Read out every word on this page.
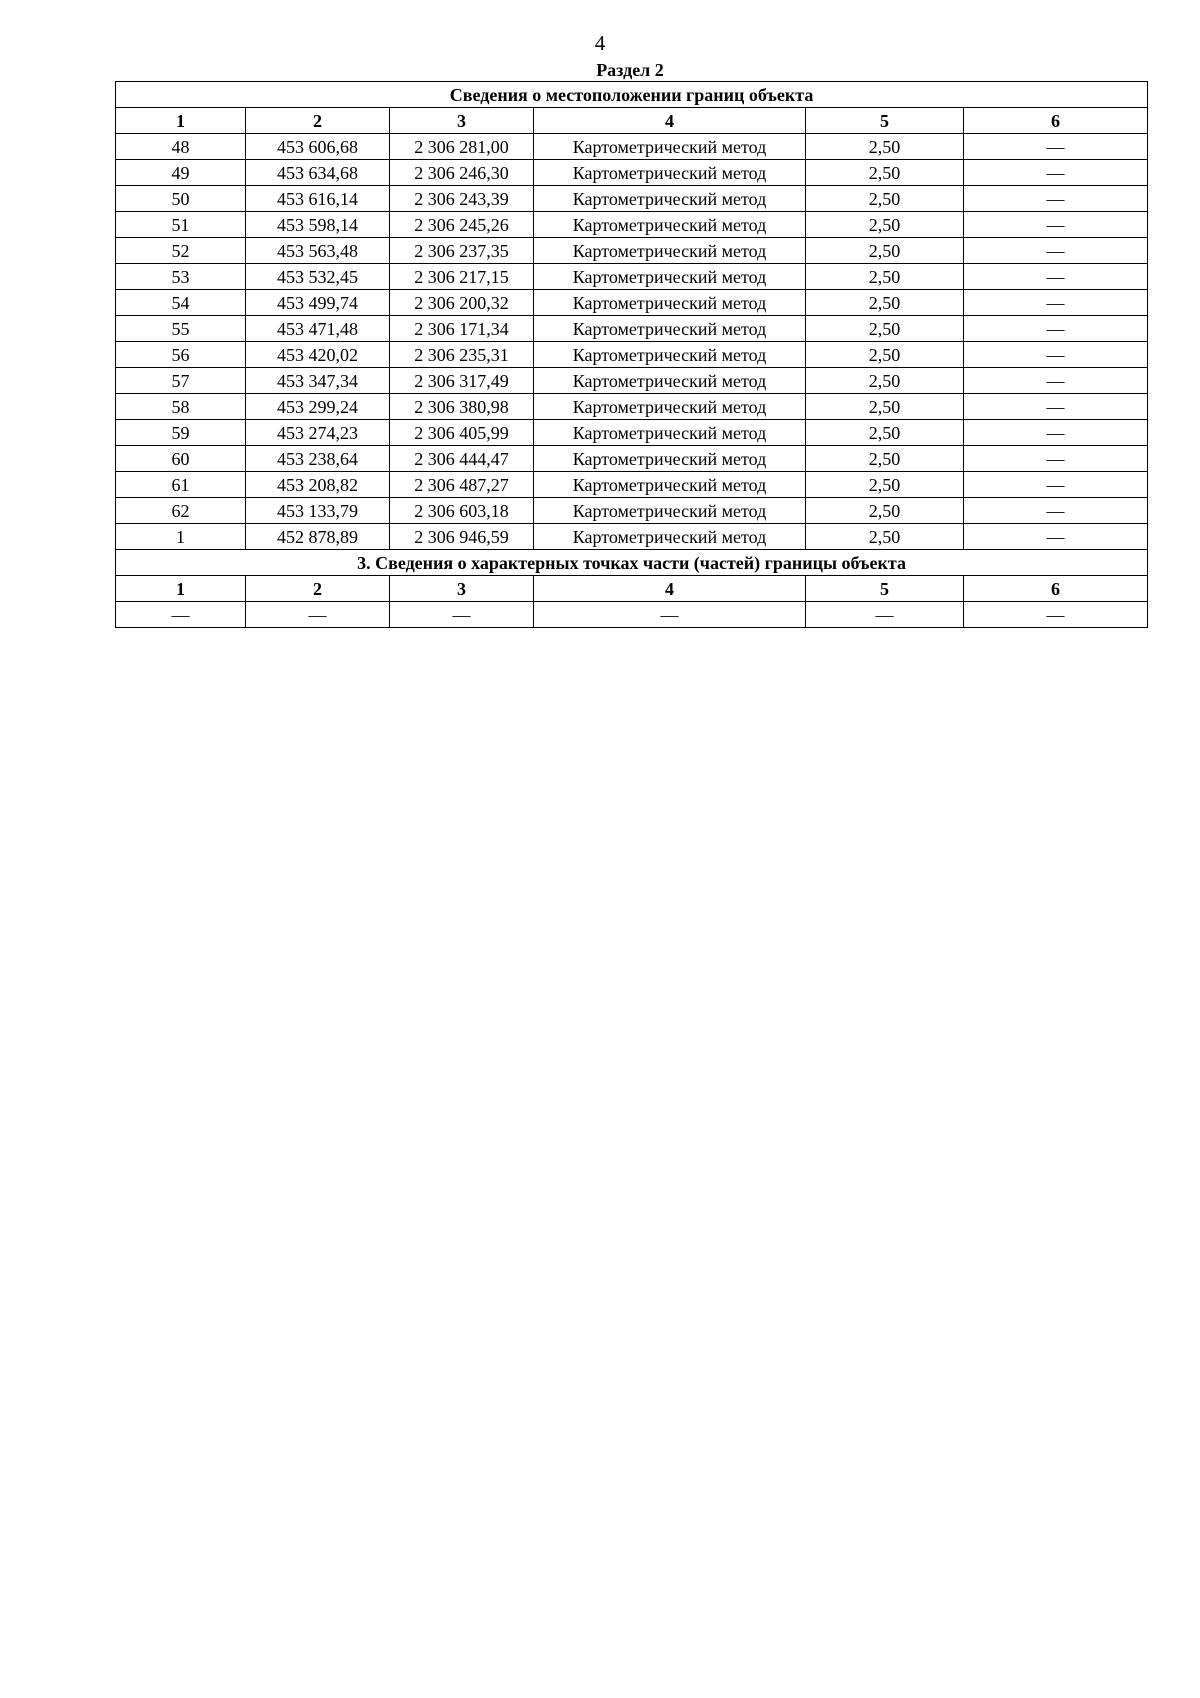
4
Раздел 2
Сведения о местоположении границ объекта					
1	2	3	4	5	6
48	453 606,68	2 306 281,00	Картометрический метод	2,50	—
49	453 634,68	2 306 246,30	Картометрический метод	2,50	—
50	453 616,14	2 306 243,39	Картометрический метод	2,50	—
51	453 598,14	2 306 245,26	Картометрический метод	2,50	—
52	453 563,48	2 306 237,35	Картометрический метод	2,50	—
53	453 532,45	2 306 217,15	Картометрический метод	2,50	—
54	453 499,74	2 306 200,32	Картометрический метод	2,50	—
55	453 471,48	2 306 171,34	Картометрический метод	2,50	—
56	453 420,02	2 306 235,31	Картометрический метод	2,50	—
57	453 347,34	2 306 317,49	Картометрический метод	2,50	—
58	453 299,24	2 306 380,98	Картометрический метод	2,50	—
59	453 274,23	2 306 405,99	Картометрический метод	2,50	—
60	453 238,64	2 306 444,47	Картометрический метод	2,50	—
61	453 208,82	2 306 487,27	Картометрический метод	2,50	—
62	453 133,79	2 306 603,18	Картометрический метод	2,50	—
1	452 878,89	2 306 946,59	Картометрический метод	2,50	—
3. Сведения о характерных точках части (частей) границы объекта					
1	2	3	4	5	6
—	—	—	—	—	—
